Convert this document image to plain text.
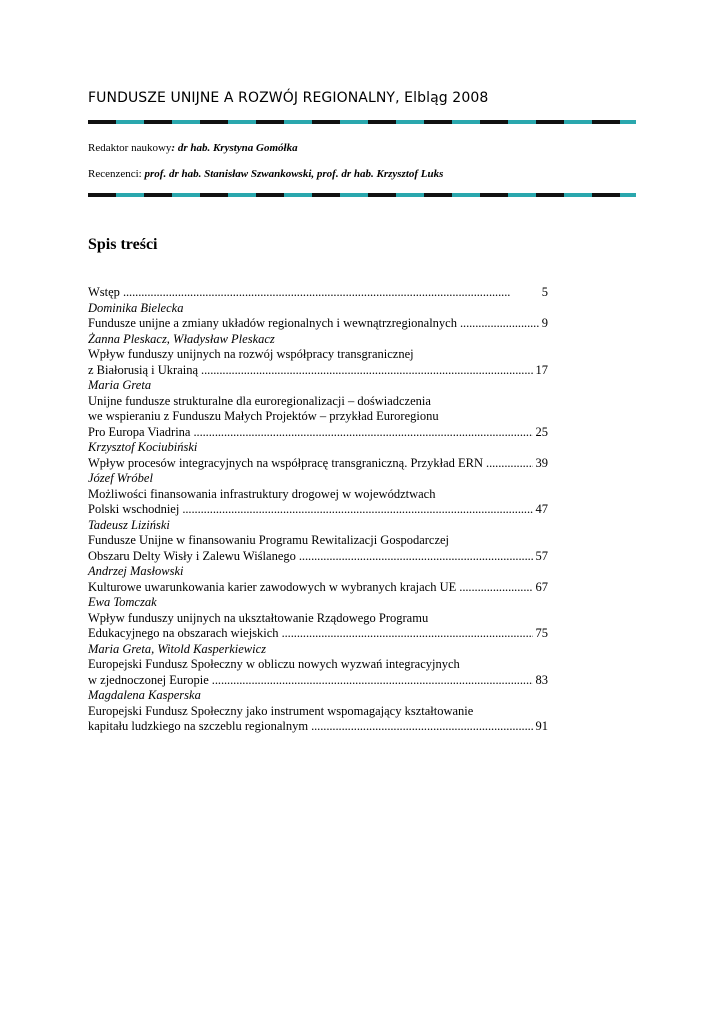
FUNDUSZE UNIJNE A ROZWÓJ REGIONALNY, Elbląg 2008
Redaktor naukowy: dr hab. Krystyna Gomółka
Recenzenci: prof. dr hab. Stanisław Szwankowski, prof. dr hab. Krzysztof Luks
Spis treści
Wstęp . . .	5
Dominika Bielecka
Fundusze unijne a zmiany układów regionalnych i wewnątrzregionalnych . . .	9
Żanna Pleskacz, Władysław Pleskacz
Wpływ funduszy unijnych na rozwój współpracy transgranicznej
z Białorusią i Ukrainą . . .	17
Maria Greta
Unijne fundusze strukturalne dla euroregionalizacji – doświadczenia
we wspieraniu z Funduszu Małych Projektów – przykład Euroregionu
Pro Europa Viadrina . . .	25
Krzysztof Kociubiński
Wpływ procesów integracyjnych na współpracę transgraniczną. Przykład ERN . . .	39
Józef Wróbel
Możliwości finansowania infrastruktury drogowej w województwach
Polski wschodniej . . .	47
Tadeusz Liziński
Fundusze Unijne w finansowaniu Programu Rewitalizacji Gospodarczej
Obszaru Delty Wisły i Zalewu Wiślanego . . .	57
Andrzej Masłowski
Kulturowe uwarunkowania karier zawodowych w wybranych krajach UE . . .	67
Ewa Tomczak
Wpływ funduszy unijnych na ukształtowanie Rządowego Programu
Edukacyjnego na obszarach wiejskich . . .	75
Maria Greta, Witold Kasperkiewicz
Europejski Fundusz Społeczny w obliczu nowych wyzwań integracyjnych
w zjednoczonej Europie . . .	83
Magdalena Kasperska
Europejski Fundusz Społeczny jako instrument wspomagający kształtowanie
kapitału ludzkiego na szczeblu regionalnym . . .	91
